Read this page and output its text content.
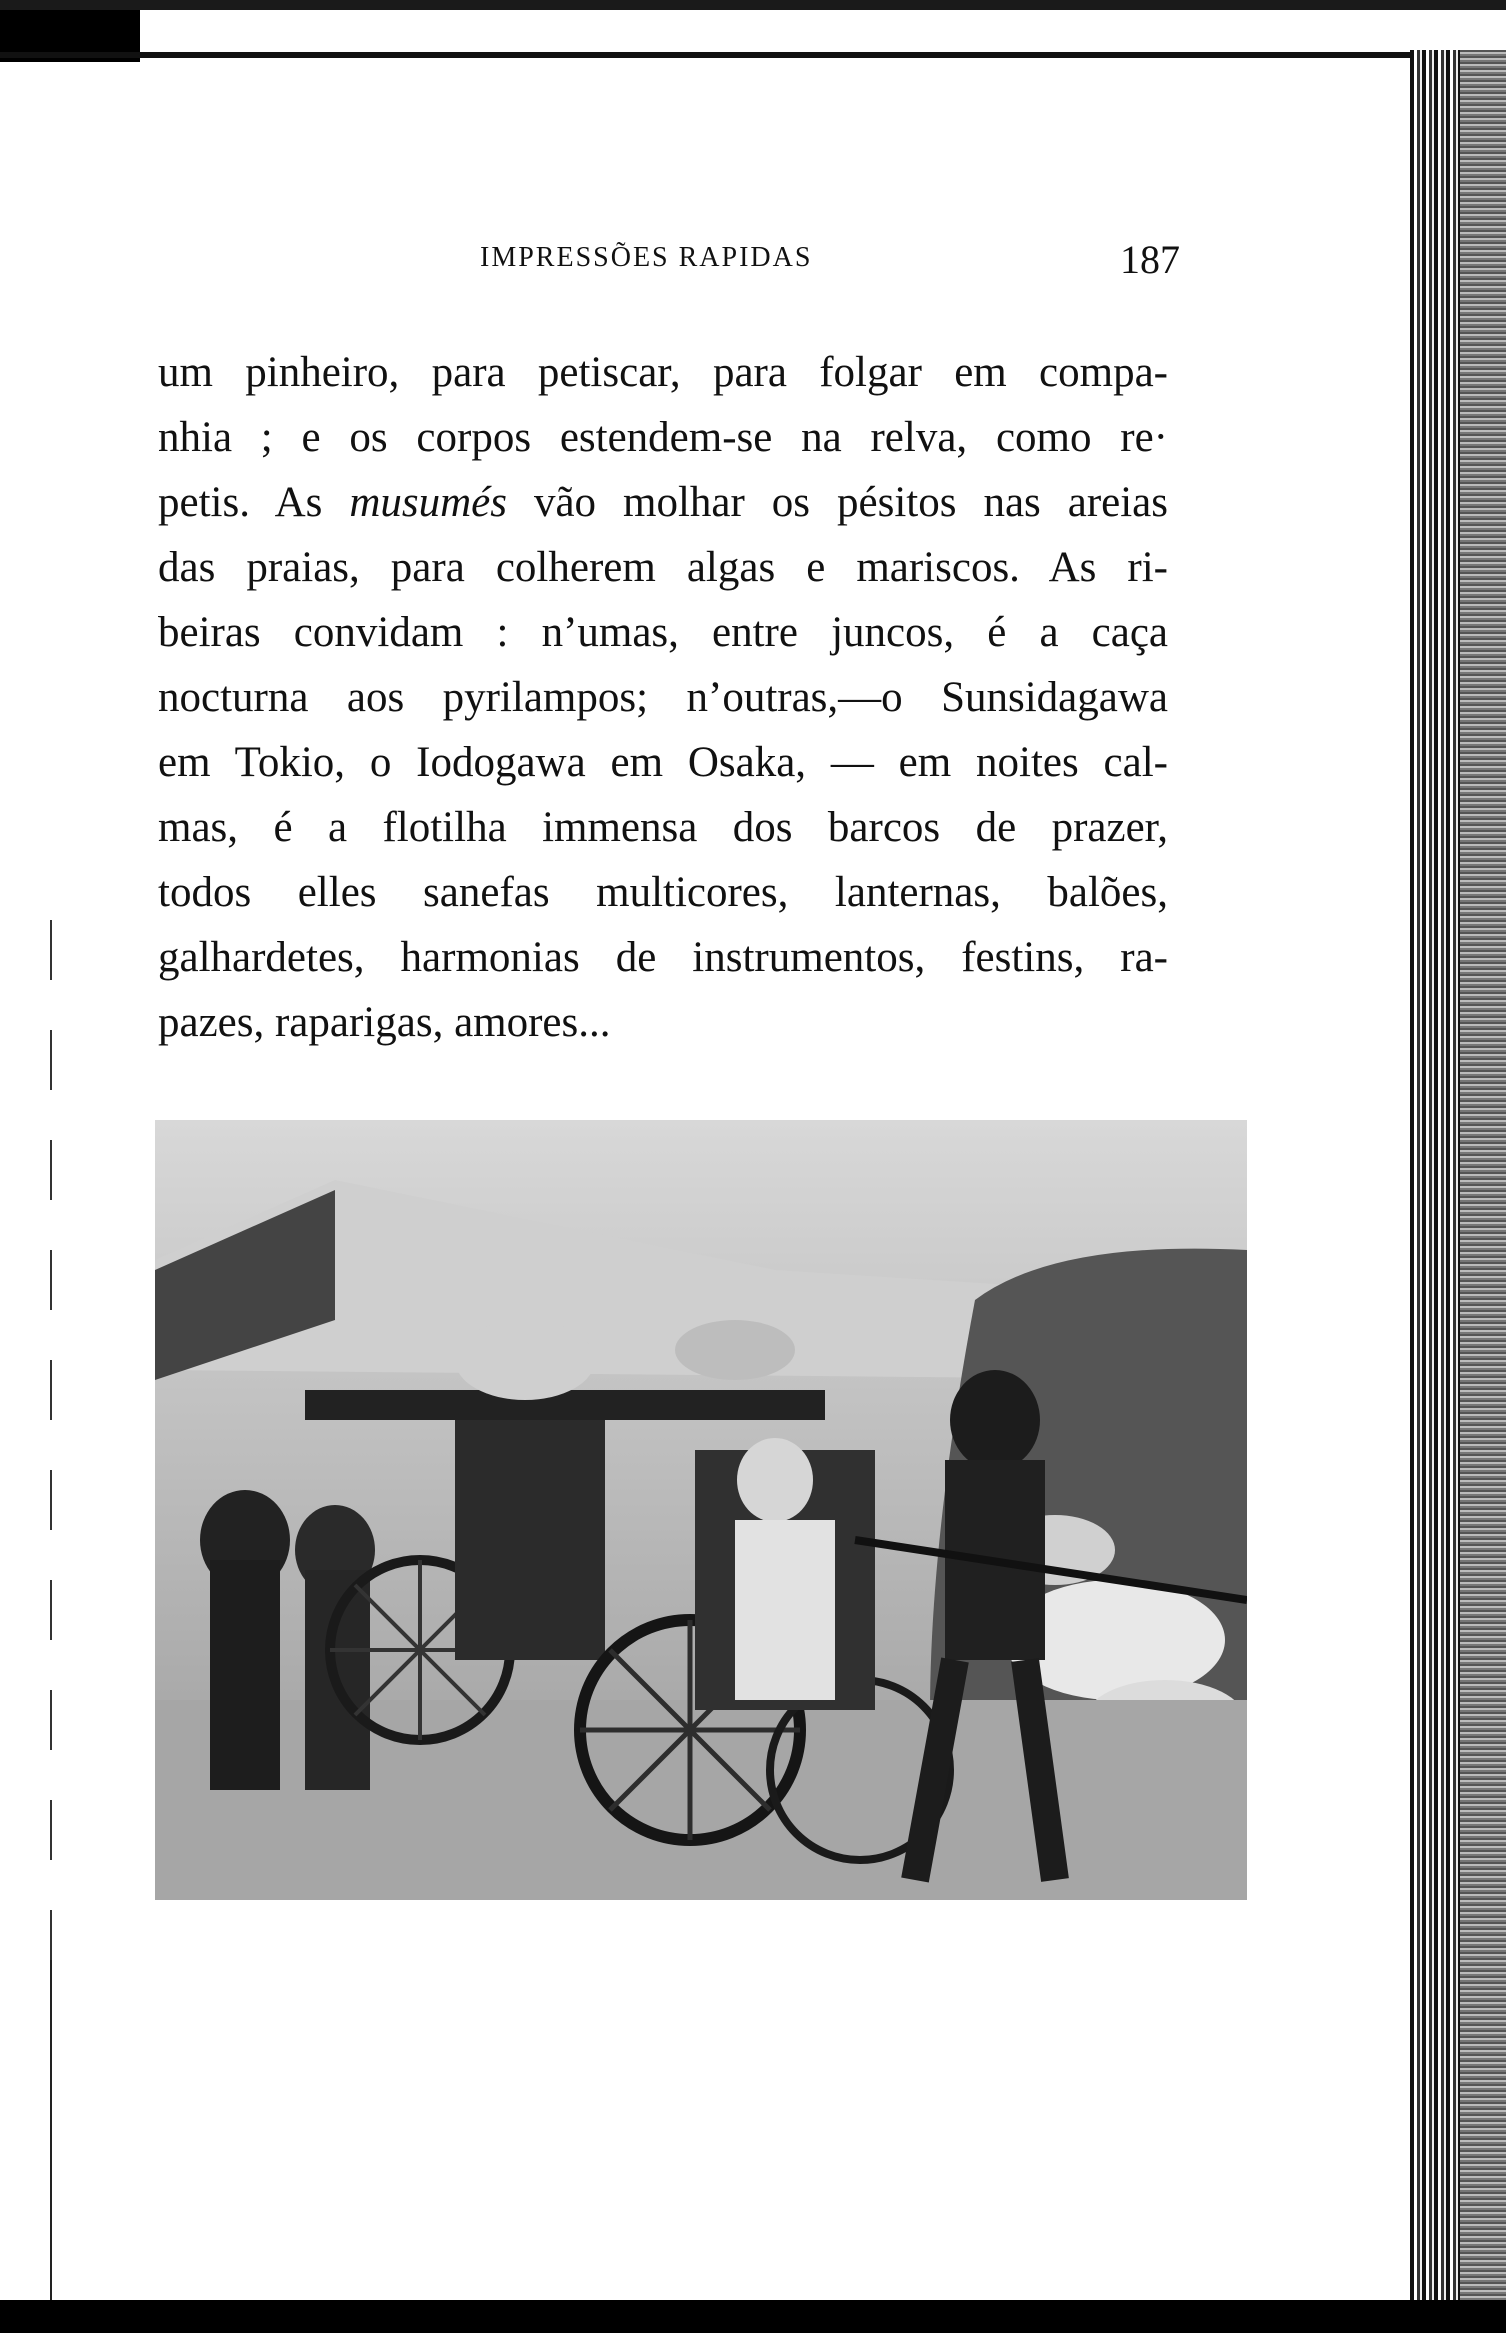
IMPRESSÕES RAPIDAS	187
um pinheiro, para petiscar, para folgar em compa-
nhia ; e os corpos estendem-se na relva, como re·
petis. As musumés vão molhar os pésitos nas areias
das praias, para colherem algas e mariscos. As ri-
beiras convidam : n’umas, entre juncos, é a caça
nocturna aos pyrilampos; n’outras,—o Sunsidagawa
em Tokio, o Iodogawa em Osaka, — em noites cal-
mas, é a flotilha immensa dos barcos de prazer,
todos elles sanefas multicores, lanternas, balões,
galhardetes, harmonias de instrumentos, festins, ra-
pazes, raparigas, amores...
